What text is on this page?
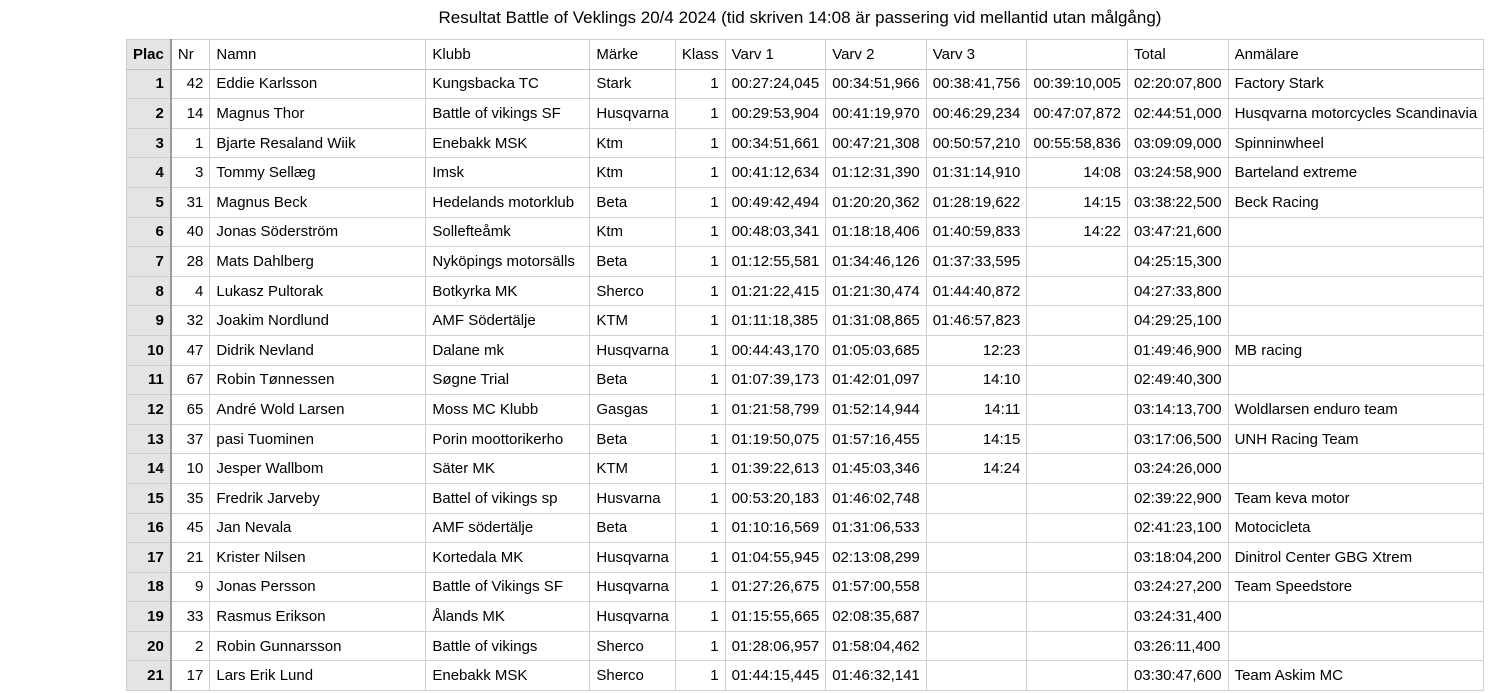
Resultat Battle of Veklings 20/4 2024 (tid skriven 14:08 är passering vid mellantid utan målgång)
Plac	Nr	Namn	Klubb	Märke	Klass	Varv 1	Varv 2	Varv 3		Total	Anmälare
1	42	Eddie Karlsson	Kungsbacka TC	Stark	1	00:27:24,045	00:34:51,966	00:38:41,756	00:39:10,005	02:20:07,800	Factory Stark
2	14	Magnus Thor	Battle of vikings SF	Husqvarna	1	00:29:53,904	00:41:19,970	00:46:29,234	00:47:07,872	02:44:51,000	Husqvarna motorcycles Scandinavia
3	1	Bjarte Resaland Wiik	Enebakk MSK	Ktm	1	00:34:51,661	00:47:21,308	00:50:57,210	00:55:58,836	03:09:09,000	Spinninwheel
4	3	Tommy Sellæg	Imsk	Ktm	1	00:41:12,634	01:12:31,390	01:31:14,910	14:08	03:24:58,900	Barteland extreme
5	31	Magnus Beck	Hedelands motorklub	Beta	1	00:49:42,494	01:20:20,362	01:28:19,622	14:15	03:38:22,500	Beck Racing
6	40	Jonas Söderström	Sollefteåmk	Ktm	1	00:48:03,341	01:18:18,406	01:40:59,833	14:22	03:47:21,600	
7	28	Mats Dahlberg	Nyköpings motorsälls	Beta	1	01:12:55,581	01:34:46,126	01:37:33,595		04:25:15,300	
8	4	Lukasz Pultorak	Botkyrka MK	Sherco	1	01:21:22,415	01:21:30,474	01:44:40,872		04:27:33,800	
9	32	Joakim Nordlund	AMF Södertälje	KTM	1	01:11:18,385	01:31:08,865	01:46:57,823		04:29:25,100	
10	47	Didrik Nevland	Dalane mk	Husqvarna	1	00:44:43,170	01:05:03,685	12:23		01:49:46,900	MB racing
11	67	Robin Tønnessen	Søgne Trial	Beta	1	01:07:39,173	01:42:01,097	14:10		02:49:40,300	
12	65	André Wold Larsen	Moss MC Klubb	Gasgas	1	01:21:58,799	01:52:14,944	14:11		03:14:13,700	Woldlarsen enduro team
13	37	pasi Tuominen	Porin moottorikerho	Beta	1	01:19:50,075	01:57:16,455	14:15		03:17:06,500	UNH Racing Team
14	10	Jesper Wallbom	Säter MK	KTM	1	01:39:22,613	01:45:03,346	14:24		03:24:26,000	
15	35	Fredrik Jarveby	Battel of vikings sp	Husvarna	1	00:53:20,183	01:46:02,748			02:39:22,900	Team keva motor
16	45	Jan Nevala	AMF södertälje	Beta	1	01:10:16,569	01:31:06,533			02:41:23,100	Motocicleta
17	21	Krister Nilsen	Kortedala MK	Husqvarna	1	01:04:55,945	02:13:08,299			03:18:04,200	Dinitrol Center GBG Xtrem
18	9	Jonas Persson	Battle of Vikings SF	Husqvarna	1	01:27:26,675	01:57:00,558			03:24:27,200	Team Speedstore
19	33	Rasmus Erikson	Ålands MK	Husqvarna	1	01:15:55,665	02:08:35,687			03:24:31,400	
20	2	Robin Gunnarsson	Battle of vikings	Sherco	1	01:28:06,957	01:58:04,462			03:26:11,400	
21	17	Lars Erik Lund	Enebakk MSK	Sherco	1	01:44:15,445	01:46:32,141			03:30:47,600	Team Askim MC
